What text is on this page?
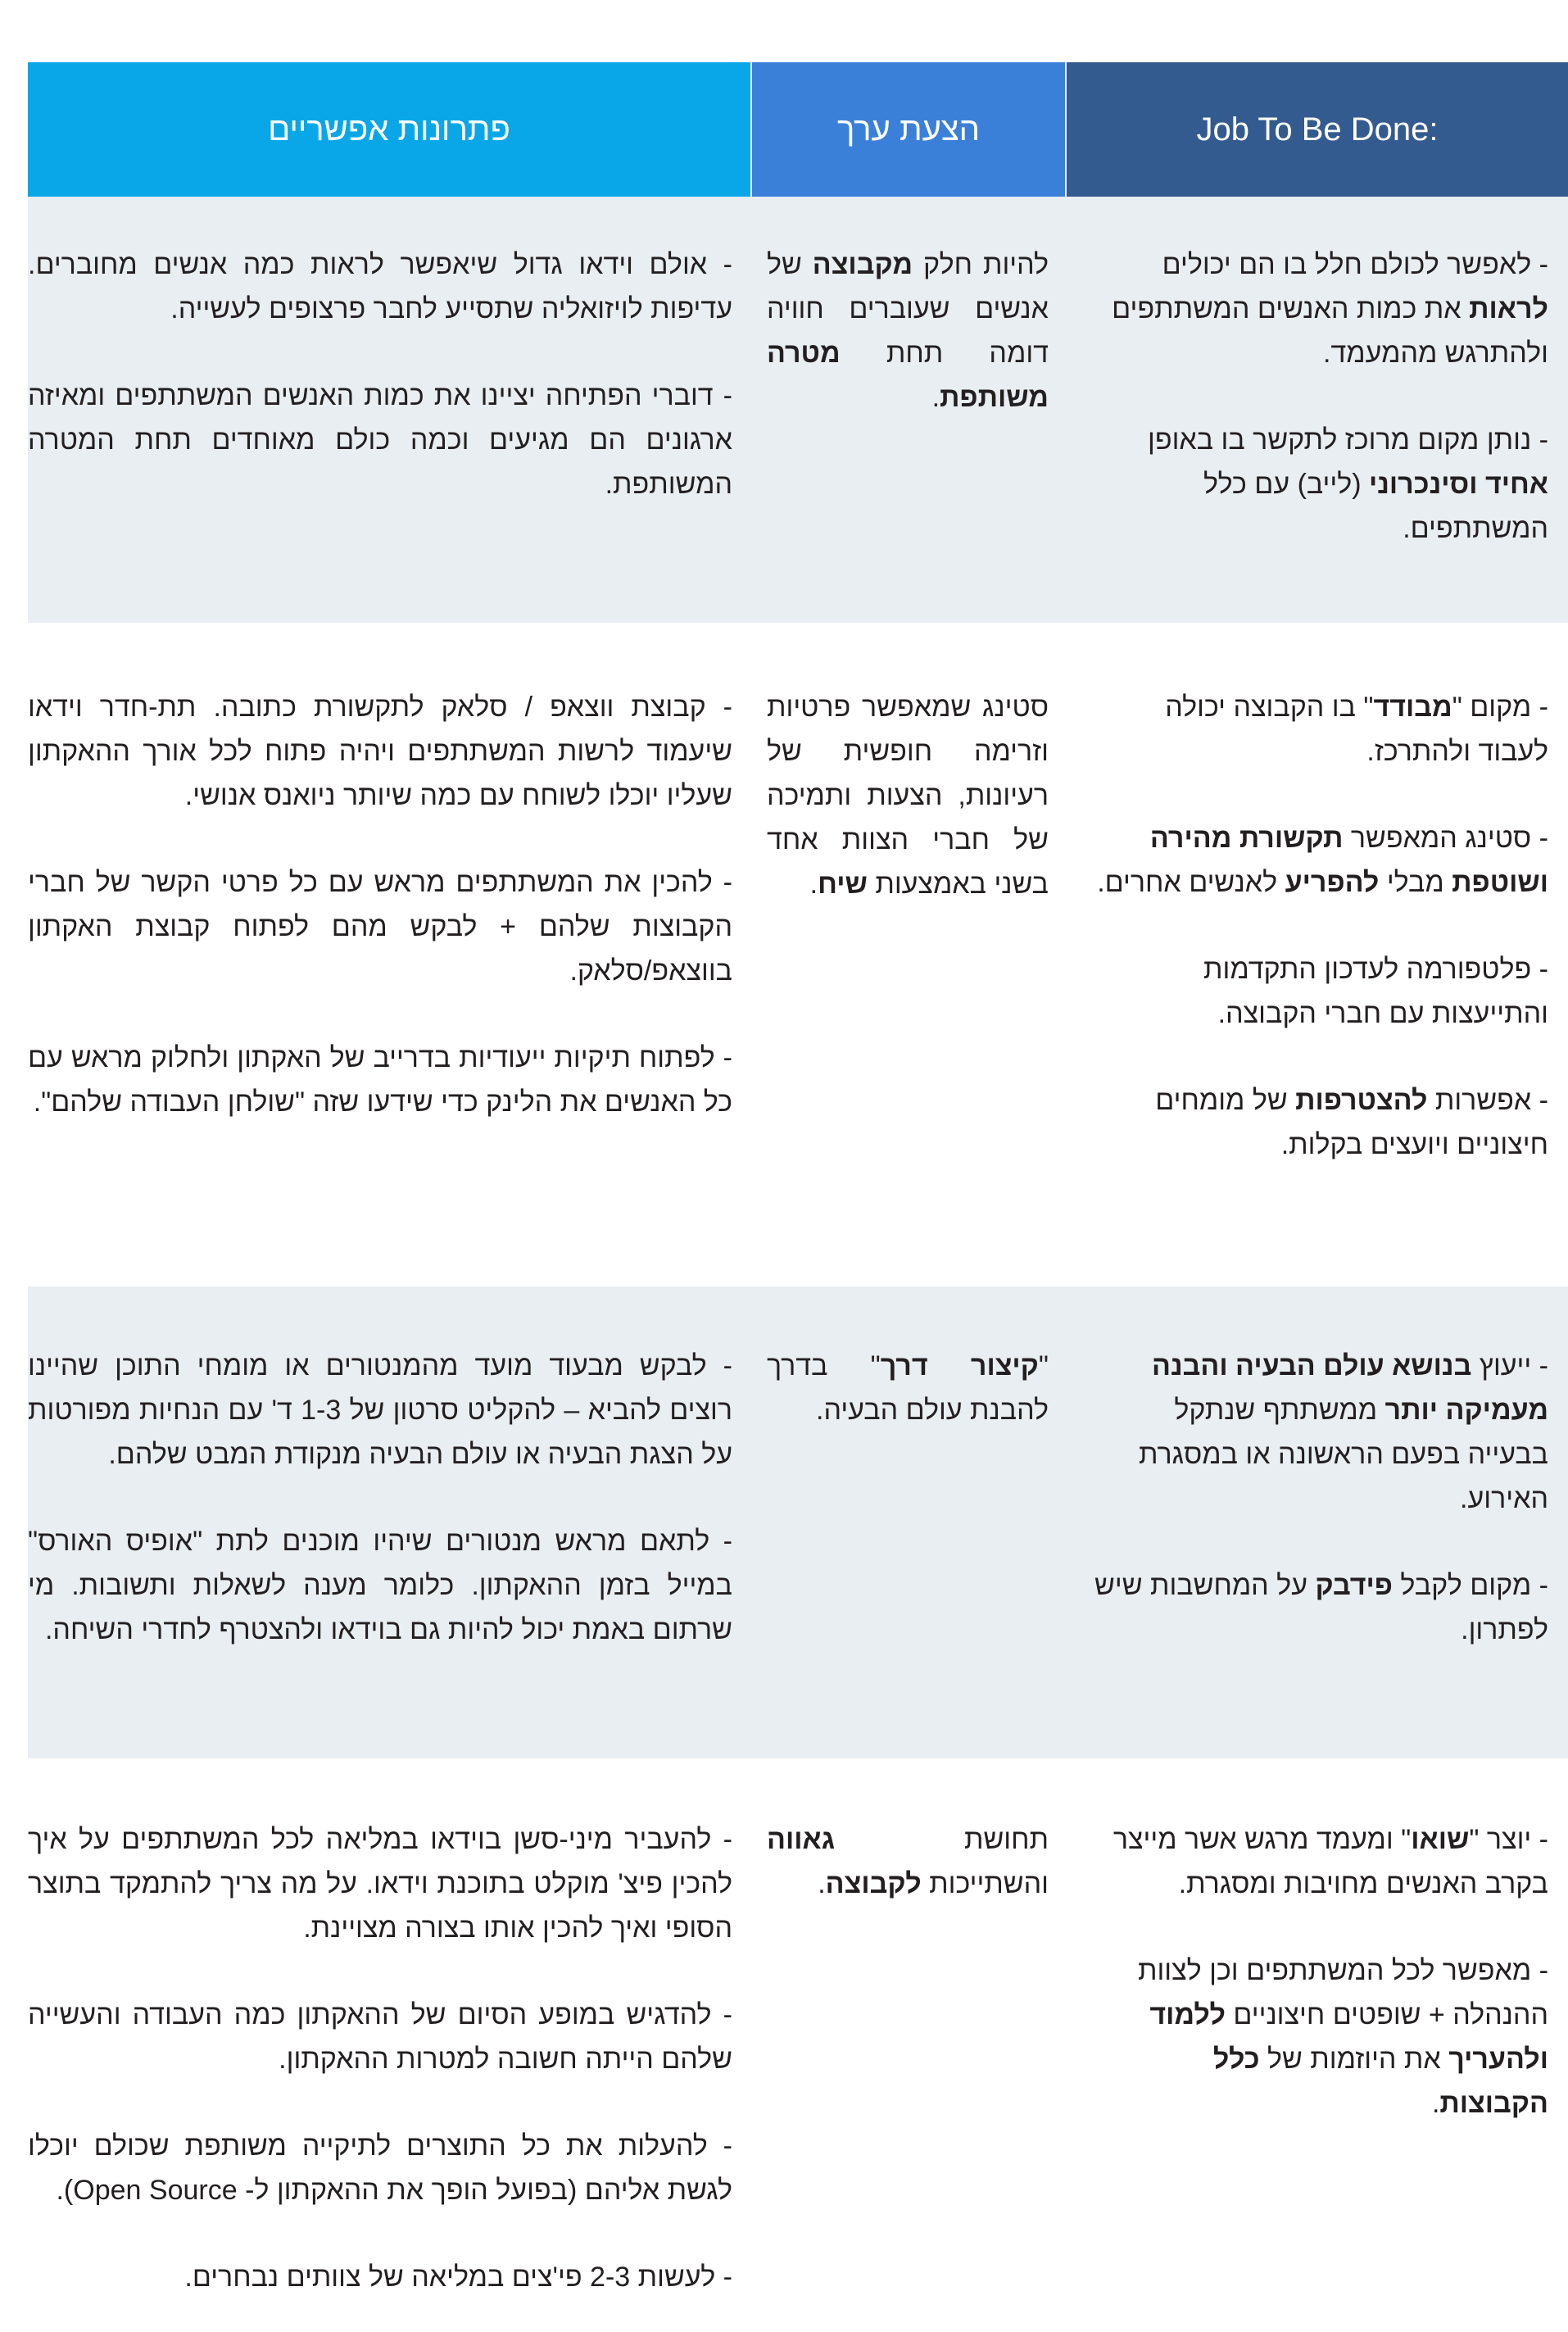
Job To Be Done:
הצעת ערך
פתרונות אפשריים

- לאפשר לכולם חלל בו הם יכולים לראות את כמות האנשים המשתתפים ולהתרגש מהמעמד.

- נותן מקום מרוכז לתקשר בו באופן אחיד וסינכרוני (לייב) עם כלל המשתתפים.

להיות חלק מקבוצה של אנשים שעוברים חוויה דומה תחת מטרה משותפת.

- אולם וידאו גדול שיאפשר לראות כמה אנשים מחוברים. עדיפות לויזואליה שתסייע לחבר פרצופים לעשייה.

- דוברי הפתיחה יציינו את כמות האנשים המשתתפים ומאיזה ארגונים הם מגיעים וכמה כולם מאוחדים תחת המטרה המשותפת.

- מקום "מבודד" בו הקבוצה יכולה לעבוד ולהתרכז.

- סטינג המאפשר תקשורת מהירה ושוטפת מבלי להפריע לאנשים אחרים.

- פלטפורמה לעדכון התקדמות והתייעצות עם חברי הקבוצה.

- אפשרות להצטרפות של מומחים חיצוניים ויועצים בקלות.

סטינג שמאפשר פרטיות וזרימה חופשית של רעיונות, הצעות ותמיכה של חברי הצוות אחד בשני באמצעות שיח.

- קבוצת ווצאפ / סלאק לתקשורת כתובה. תת-חדר וידאו שיעמוד לרשות המשתתפים ויהיה פתוח לכל אורך ההאקתון שעליו יוכלו לשוחח עם כמה שיותר ניואנס אנושי.

- להכין את המשתתפים מראש עם כל פרטי הקשר של חברי הקבוצות שלהם + לבקש מהם לפתוח קבוצת האקתון בווצאפ/סלאק.

- לפתוח תיקיות ייעודיות בדרייב של האקתון ולחלוק מראש עם כל האנשים את הלינק כדי שידעו שזה "שולחן העבודה שלהם".

- ייעוץ בנושא עולם הבעיה והבנה מעמיקה יותר ממשתתף שנתקל בבעייה בפעם הראשונה או במסגרת האירוע.

- מקום לקבל פידבק על המחשבות שיש לפתרון.

"קיצור דרך" בדרך להבנת עולם הבעיה.

- לבקש מבעוד מועד מהמנטורים או מומחי התוכן שהיינו רוצים להביא – להקליט סרטון של 1-3 ד' עם הנחיות מפורטות על הצגת הבעיה או עולם הבעיה מנקודת המבט שלהם.

- לתאם מראש מנטורים שיהיו מוכנים לתת "אופיס האורס" במייל בזמן ההאקתון. כלומר מענה לשאלות ותשובות. מי שרתום באמת יכול להיות גם בוידאו ולהצטרף לחדרי השיחה.

- יוצר "שואו" ומעמד מרגש אשר מייצר בקרב האנשים מחויבות ומסגרת.

- מאפשר לכל המשתתפים וכן לצוות ההנהלה + שופטים חיצוניים ללמוד ולהעריך את היוזמות של כלל הקבוצות.

תחושת גאווה והשתייכות לקבוצה.

- להעביר מיני-סשן בוידאו במליאה לכל המשתתפים על איך להכין פיצ' מוקלט בתוכנת וידאו. על מה צריך להתמקד בתוצר הסופי ואיך להכין אותו בצורה מצויינת.

- להדגיש במופע הסיום של ההאקתון כמה העבודה והעשייה שלהם הייתה חשובה למטרות ההאקתון.

- להעלות את כל התוצרים לתיקייה משותפת שכולם יוכלו לגשת אליהם (בפועל הופך את ההאקתון ל- Open Source).

- לעשות 2-3 פי'צים במליאה של צוותים נבחרים.
